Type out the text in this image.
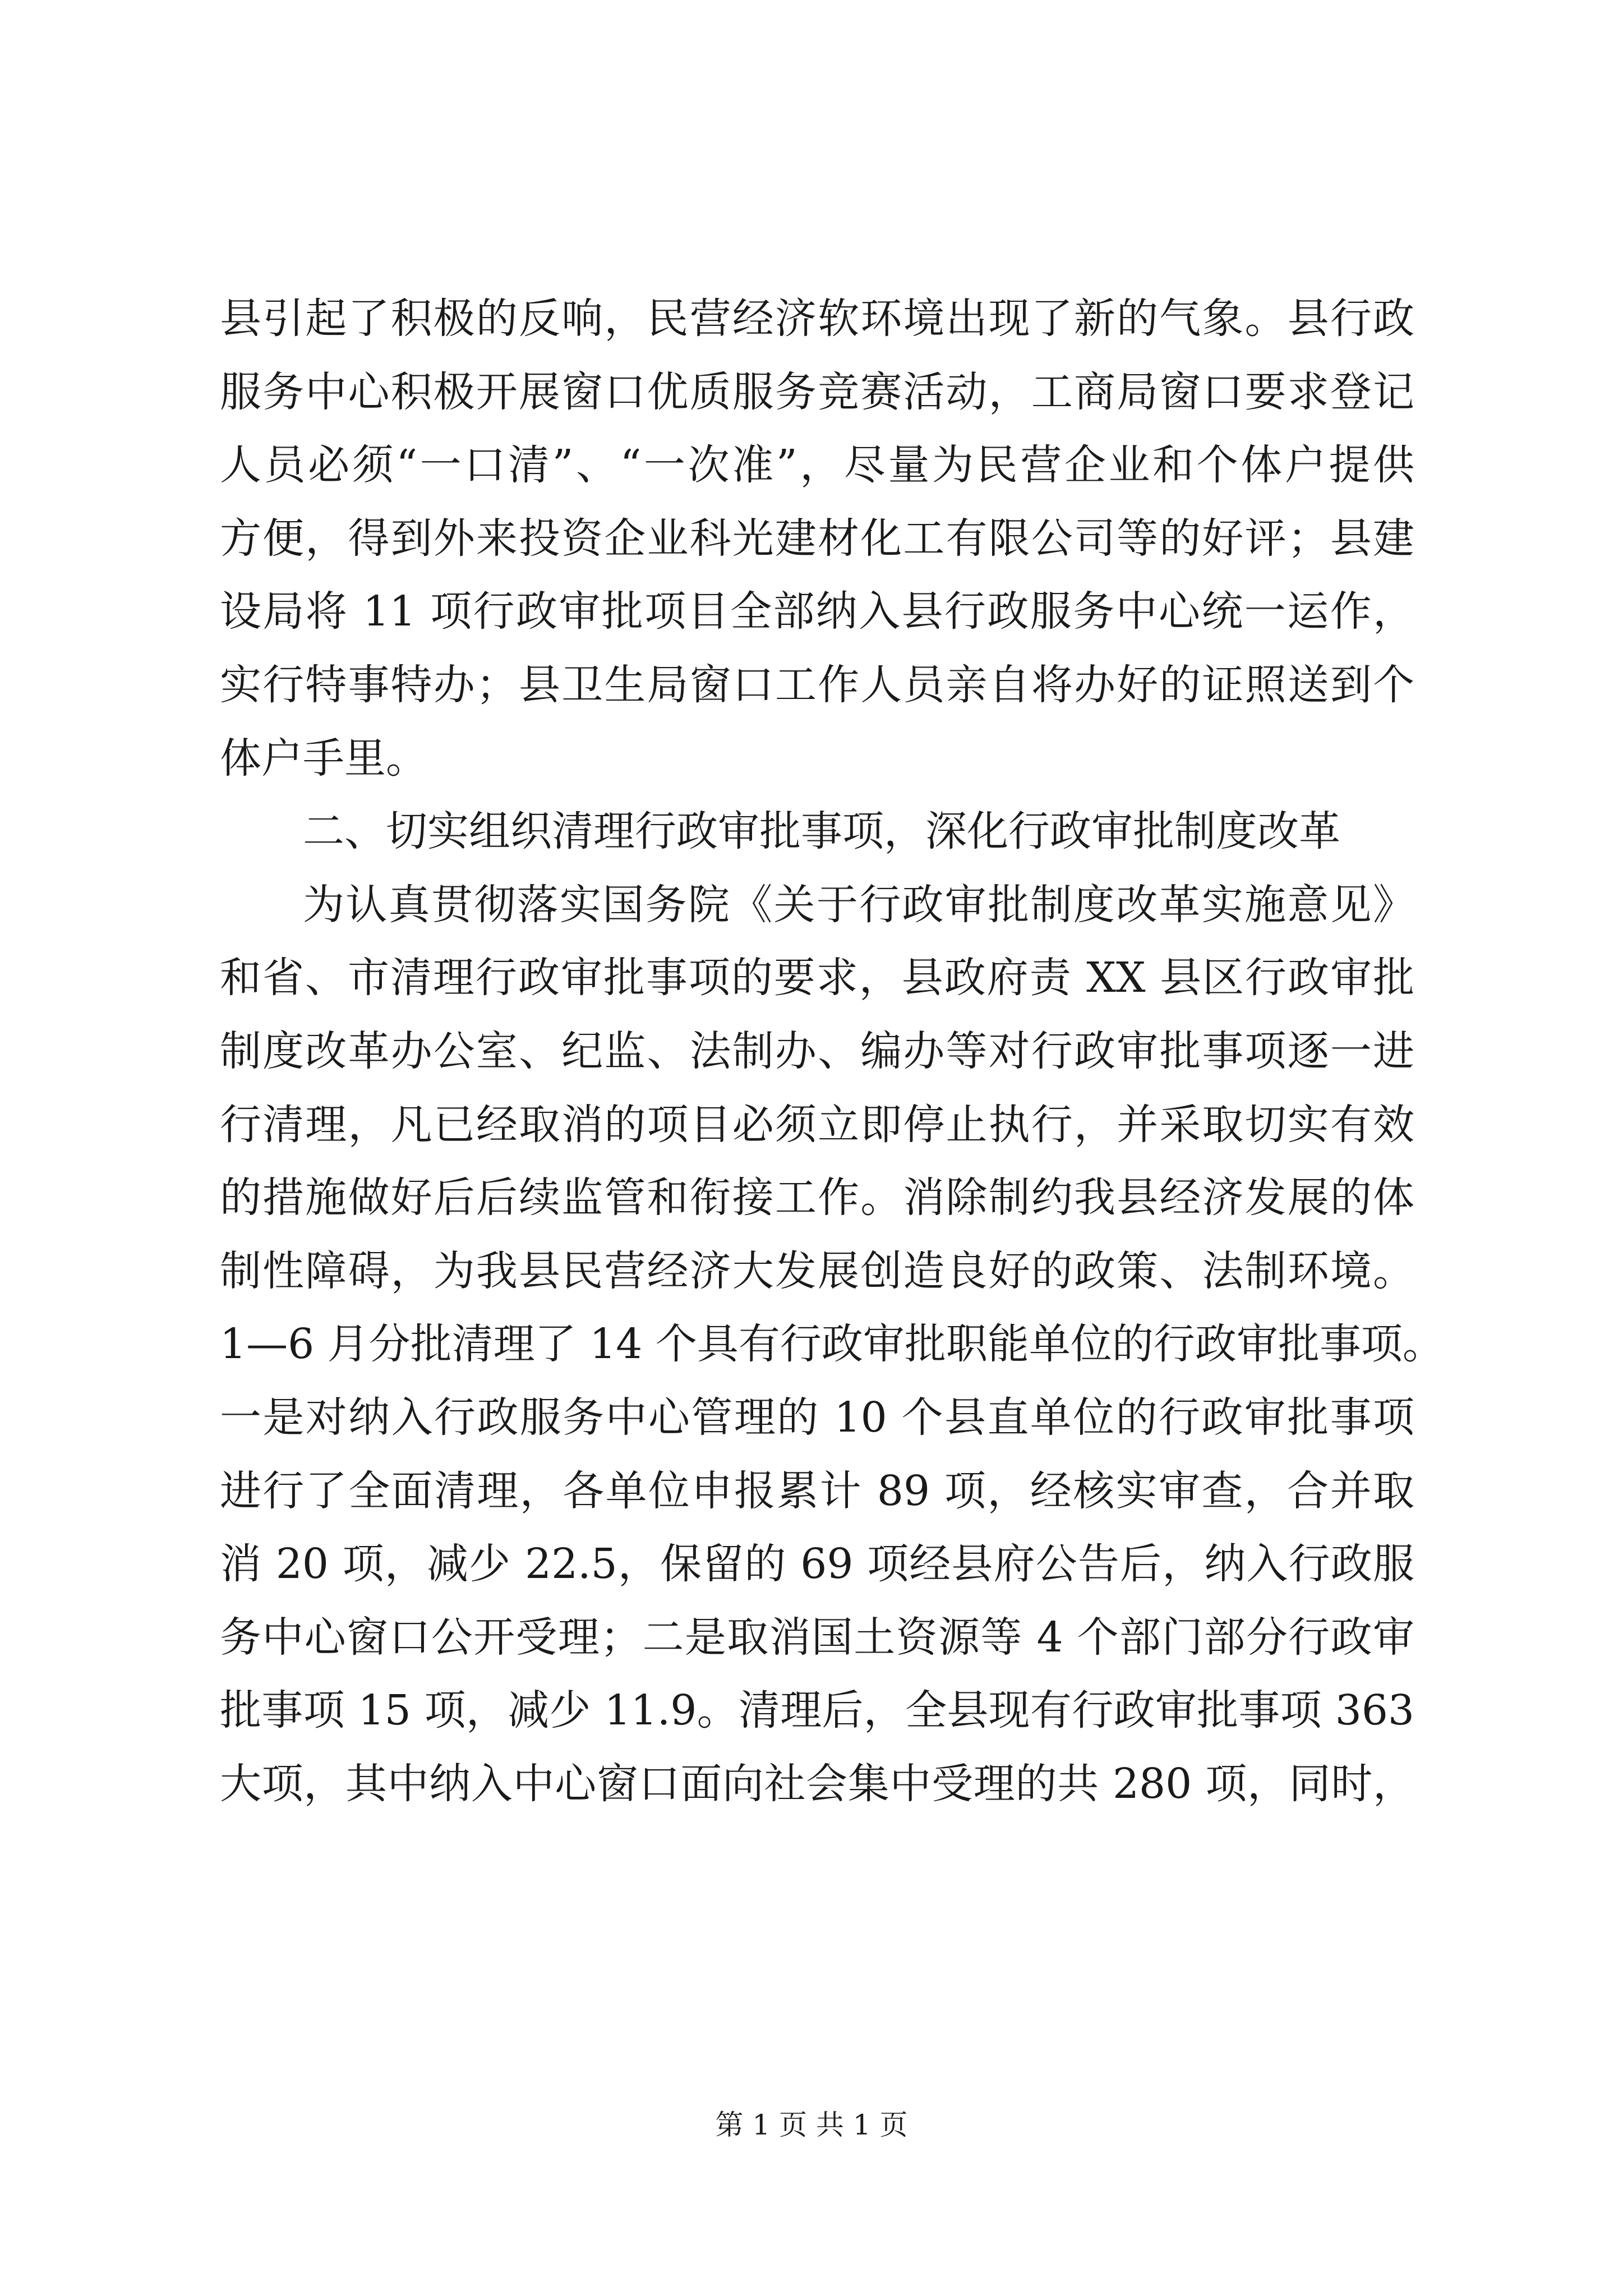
县引起了积极的反响，民营经济软环境出现了新的气象。县行政
服务中心积极开展窗口优质服务竞赛活动，工商局窗口要求登记
人员必须“一口清”、“一次准”，尽量为民营企业和个体户提供
方便，得到外来投资企业科光建材化工有限公司等的好评；县建
设局将 11 项行政审批项目全部纳入县行政服务中心统一运作，
实行特事特办；县卫生局窗口工作人员亲自将办好的证照送到个
体户手里。
二、切实组织清理行政审批事项，深化行政审批制度改革
为认真贯彻落实国务院《关于行政审批制度改革实施意见》
和省、市清理行政审批事项的要求，县政府责 XX 县区行政审批
制度改革办公室、纪监、法制办、编办等对行政审批事项逐一进
行清理，凡已经取消的项目必须立即停止执行，并采取切实有效
的措施做好后后续监管和衔接工作。消除制约我县经济发展的体
制性障碍，为我县民营经济大发展创造良好的政策、法制环境。
1—6 月分批清理了 14 个具有行政审批职能单位的行政审批事项。
一是对纳入行政服务中心管理的 10 个县直单位的行政审批事项
进行了全面清理，各单位申报累计 89 项，经核实审查，合并取
消 20 项，减少 22.5，保留的 69 项经县府公告后，纳入行政服
务中心窗口公开受理；二是取消国土资源等 4 个部门部分行政审
批事项 15 项，减少 11.9。清理后，全县现有行政审批事项 363
大项，其中纳入中心窗口面向社会集中受理的共 280 项，同时，
第 1 页 共 1 页
